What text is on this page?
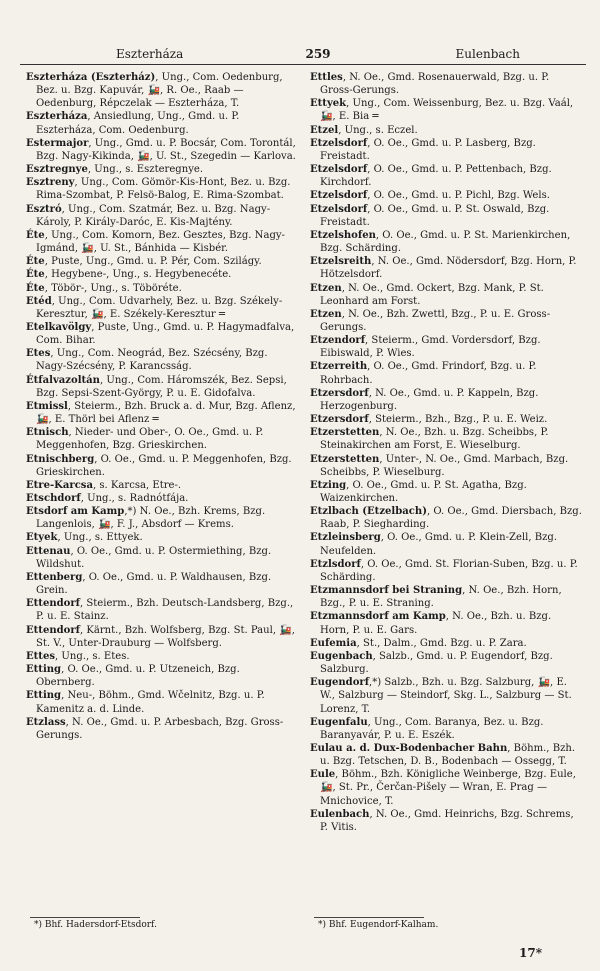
Eszterháza	259	Eulenbach

Eszterháza (Eszterház), Ung., Com. Oedenburg, Bez. u. Bzg. Kapuvár, 🚂, R. Oe., Raab — Oedenburg, Répczelak — Eszterháza, T.

Eszterháza, Ansiedlung, Ung., Gmd. u. P. Eszterháza, Com. Oedenburg.

Estermajor, Ung., Gmd. u. P. Bocsár, Com. Torontál, Bzg. Nagy-Kikinda, 🚂, U. St., Szegedin — Karlova.

Esztregnye, Ung., s. Eszteregnye.

Esztreny, Ung., Com. Gömör-Kis-Hont, Bez. u. Bzg. Rima-Szombat, P. Felsö-Balog, E. Rima-Szombat.

Esztró, Ung., Com. Szatmár, Bez. u. Bzg. Nagy-Károly, P. Király-Daróc, E. Kis-Majtény.

Éte, Ung., Com. Komorn, Bez. Gesztes, Bzg. Nagy-Igmánd, 🚂, U. St., Bánhida — Kisbér.

Éte, Puste, Ung., Gmd. u. P. Pér, Com. Szilágy.

Éte, Hegybene-, Ung., s. Hegybenecéte.

Éte, Töbör-, Ung., s. Töböréte.

Etéd, Ung., Com. Udvarhely, Bez. u. Bzg. Székely-Keresztur, 🚂, E. Székely-Keresztur ═

Etelkavölgy, Puste, Ung., Gmd. u. P. Hagymadfalva, Com. Bihar.

Etes, Ung., Com. Neográd, Bez. Szécsény, Bzg. Nagy-Szécsény, P. Karancsság.

Étfalvazoltán, Ung., Com. Háromszék, Bez. Sepsi, Bzg. Sepsi-Szent-György, P. u. E. Gidofalva.

Etmissl, Steierm., Bzh. Bruck a. d. Mur, Bzg. Aflenz, 🚂, E. Thörl bei Aflenz ═

Etnisch, Nieder- und Ober-, O. Oe., Gmd. u. P. Meggenhofen, Bzg. Grieskirchen.

Etnischberg, O. Oe., Gmd. u. P. Meggenhofen, Bzg. Grieskirchen.

Etre-Karcsa, s. Karcsa, Etre-.

Etschdorf, Ung., s. Radnótfája.

Etsdorf am Kamp,*) N. Oe., Bzh. Krems, Bzg. Langenlois, 🚂, F. J., Absdorf — Krems.

Etyek, Ung., s. Ettyek.

Ettenau, O. Oe., Gmd. u. P. Ostermiething, Bzg. Wildshut.

Ettenberg, O. Oe., Gmd. u. P. Waldhausen, Bzg. Grein.

Ettendorf, Steierm., Bzh. Deutsch-Landsberg, Bzg., P. u. E. Stainz.

Ettendorf, Kärnt., Bzh. Wolfsberg, Bzg. St. Paul, 🚂, St. V., Unter-Drauburg — Wolfsberg.

Ettes, Ung., s. Etes.

Etting, O. Oe., Gmd. u. P. Utzeneich, Bzg. Obernberg.

Etting, Neu-, Böhm., Gmd. Wčelnitz, Bzg. u. P. Kamenitz a. d. Linde.

Etzlass, N. Oe., Gmd. u. P. Arbesbach, Bzg. Gross-Gerungs.

Ettles, N. Oe., Gmd. Rosenauerwald, Bzg. u. P. Gross-Gerungs.

Ettyek, Ung., Com. Weissenburg, Bez. u. Bzg. Vaál, 🚂, E. Bia ═

Etzel, Ung., s. Eczel.

Etzelsdorf, O. Oe., Gmd. u. P. Lasberg, Bzg. Freistadt.

Etzelsdorf, O. Oe., Gmd. u. P. Pettenbach, Bzg. Kirchdorf.

Etzelsdorf, O. Oe., Gmd. u. P. Pichl, Bzg. Wels.

Etzelsdorf, O. Oe., Gmd. u. P. St. Oswald, Bzg. Freistadt.

Etzelshofen, O. Oe., Gmd. u. P. St. Marienkirchen, Bzg. Schärding.

Etzelsreith, N. Oe., Gmd. Nödersdorf, Bzg. Horn, P. Hötzelsdorf.

Etzen, N. Oe., Gmd. Ockert, Bzg. Mank, P. St. Leonhard am Forst.

Etzen, N. Oe., Bzh. Zwettl, Bzg., P. u. E. Gross-Gerungs.

Etzendorf, Steierm., Gmd. Vordersdorf, Bzg. Eibiswald, P. Wies.

Etzerreith, O. Oe., Gmd. Frindorf, Bzg. u. P. Rohrbach.

Etzersdorf, N. Oe., Gmd. u. P. Kappeln, Bzg. Herzogenburg.

Etzersdorf, Steierm., Bzh., Bzg., P. u. E. Weiz.

Etzerstetten, N. Oe., Bzh. u. Bzg. Scheibbs, P. Steinakirchen am Forst, E. Wieselburg.

Etzerstetten, Unter-, N. Oe., Gmd. Marbach, Bzg. Scheibbs, P. Wieselburg.

Etzing, O. Oe., Gmd. u. P. St. Agatha, Bzg. Waizenkirchen.

Etzlbach (Etzelbach), O. Oe., Gmd. Diersbach, Bzg. Raab, P. Siegharding.

Etzleinsberg, O. Oe., Gmd. u. P. Klein-Zell, Bzg. Neufelden.

Etzlsdorf, O. Oe., Gmd. St. Florian-Suben, Bzg. u. P. Schärding.

Etzmannsdorf bei Straning, N. Oe., Bzh. Horn, Bzg., P. u. E. Straning.

Etzmannsdorf am Kamp, N. Oe., Bzh. u. Bzg. Horn, P. u. E. Gars.

Eufemia, St., Dalm., Gmd. Bzg. u. P. Zara.

Eugenbach, Salzb., Gmd. u. P. Eugendorf, Bzg. Salzburg.

Eugendorf,*) Salzb., Bzh. u. Bzg. Salzburg, 🚂, E. W., Salzburg — Steindorf, Skg. L., Salzburg — St. Lorenz, T.

Eugenfalu, Ung., Com. Baranya, Bez. u. Bzg. Baranyavár, P. u. E. Eszék.

Eulau a. d. Dux-Bodenbacher Bahn, Böhm., Bzh. u. Bzg. Tetschen, D. B., Bodenbach — Ossegg, T.

Eule, Böhm., Bzh. Königliche Weinberge, Bzg. Eule, 🚂, St. Pr., Čerčan-Pišely — Wran, E. Prag — Mnichovice, T.

Eulenbach, N. Oe., Gmd. Heinrichs, Bzg. Schrems, P. Vitis.

*) Bhf. Hadersdorf-Etsdorf.	*) Bhf. Eugendorf-Kalham.
17*
